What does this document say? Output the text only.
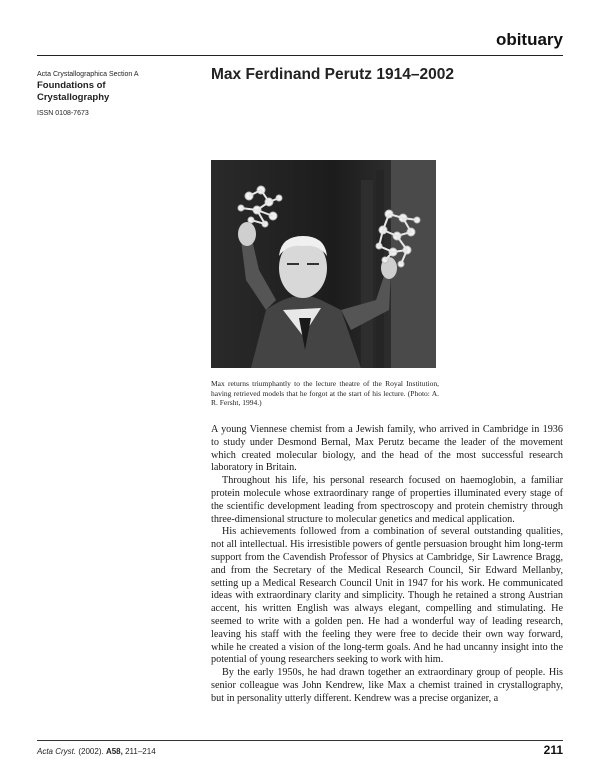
obituary
Acta Crystallographica Section A
Foundations of
Crystallography
ISSN 0108-7673
Max Ferdinand Perutz 1914–2002
Max returns triumphantly to the lecture theatre of the Royal Institution, having retrieved models that he forgot at the start of his lecture. (Photo: A. R. Fersht, 1994.)

A young Viennese chemist from a Jewish family, who arrived in Cambridge in 1936 to study under Desmond Bernal, Max Perutz became the leader of the movement which created molecular biology, and the head of the most successful research laboratory in Britain.

Throughout his life, his personal research focused on haemoglobin, a familiar protein molecule whose extraordinary range of properties illuminated every stage of the scientific development leading from spectroscopy and protein chemistry through three-dimensional structure to molecular genetics and medical application.

His achievements followed from a combination of several outstanding qualities, not all intellectual. His irresistible powers of gentle persuasion brought him long-term support from the Cavendish Professor of Physics at Cambridge, Sir Lawrence Bragg, and from the Secretary of the Medical Research Council, Sir Edward Mellanby, setting up a Medical Research Council Unit in 1947 for his work. He communicated ideas with extraordinary clarity and simplicity. Though he retained a strong Austrian accent, his written English was always elegant, compelling and stimulating. He seemed to write with a golden pen. He had a wonderful way of leading research, leaving his staff with the feeling they were free to decide their own way forward, while he created a vision of the long-term goals. And he had uncanny insight into the potential of young researchers seeking to work with him.

By the early 1950s, he had drawn together an extraordinary group of people. His senior colleague was John Kendrew, like Max a chemist trained in crystallography, but in personality utterly different. Kendrew was a precise organizer, a

Acta Cryst. (2002). A58, 211–214	211
